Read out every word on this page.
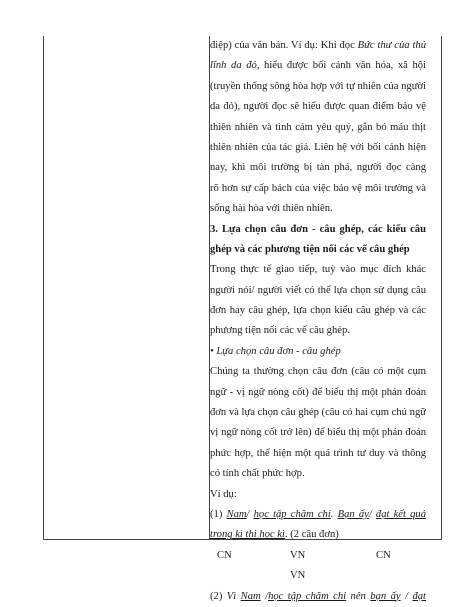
điệp) của văn bản. Ví dụ: Khi đọc Bức thư của thủ
lĩnh da đỏ, hiểu được bối cảnh văn hóa, xã hội
(truyền thống sông hòa hợp với tự nhiên của người
da đỏ), người đọc sẽ hiểu được quan điểm bảo vệ
thiên nhiên và tình cảm yêu quý, gắn bó máu thịt
thiên nhiên của tác giả. Liên hệ với bối cảnh hiện
nay, khi môi trường bị tàn phá, người đọc càng
rõ hơn sự cấp bách của việc bảo vệ môi trường và
sống hài hòa với thiên nhiên.
3. Lựa chọn câu đơn - câu ghép, các kiểu câu
ghép và các phương tiện nối các vế câu ghép
Trong thực tế giao tiếp, tuỳ vào mục đích khác
người nói/ người viết có thể lựa chọn sử dụng câu
đơn hay câu ghép, lựa chọn kiểu câu ghép và các
phương tiện nối các vế câu ghép.
• Lựa chọn câu đơn - câu ghép
Chúng ta thường chọn câu đơn (câu có một cụm
ngữ - vị ngữ nòng cốt) để biểu thị một phán đoán
đơn và lựa chọn câu ghép (câu có hai cụm chủ ngữ
vị ngữ nòng cốt trở lên) để biểu thị một phán đoán
phức hợp, thể hiện một quá trình tư duy và thông
có tính chất phức hợp.
Ví dụ:
(1) Nam/ học tập chăm chỉ. Bạn ấy/ đạt kết quả
trong kì thi học kì. (2 câu đơn)
CN	VN	CN
VN
(2) Vì Nam /học tập chăm chỉ nên bạn ấy / đạt
